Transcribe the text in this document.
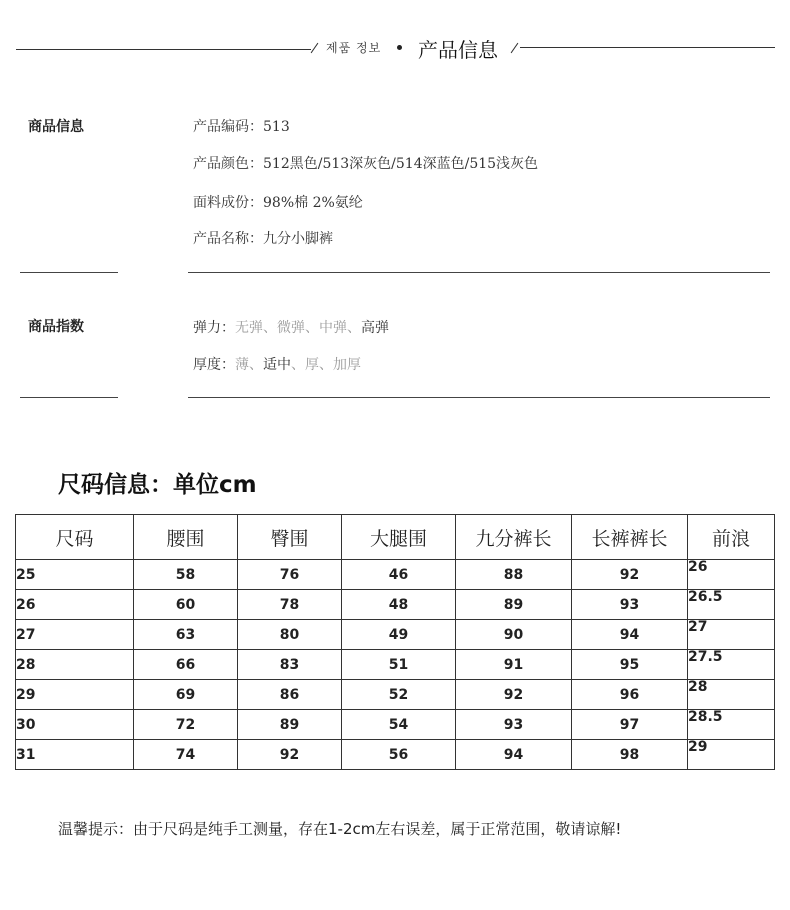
제품 정보 产品信息
商品信息	产品编码：513
产品颜色：512黑色/513深灰色/514深蓝色/515浅灰色
面料成份：98%棉 2%氨纶
产品名称：九分小脚裤
商品指数	弹力：无弹、微弹、中弹、高弹
厚度：薄、适中、厚、加厚
尺码信息：单位cm
尺码	腰围	臀围	大腿围	九分裤长	长裤裤长	前浪
25	58	76	46	88	92	26
26	60	78	48	89	93	26.5
27	63	80	49	90	94	27
28	66	83	51	91	95	27.5
29	69	86	52	92	96	28
30	72	89	54	93	97	28.5
31	74	92	56	94	98	29
温馨提示：由于尺码是纯手工测量，存在1-2cm左右误差，属于正常范围，敬请谅解!
